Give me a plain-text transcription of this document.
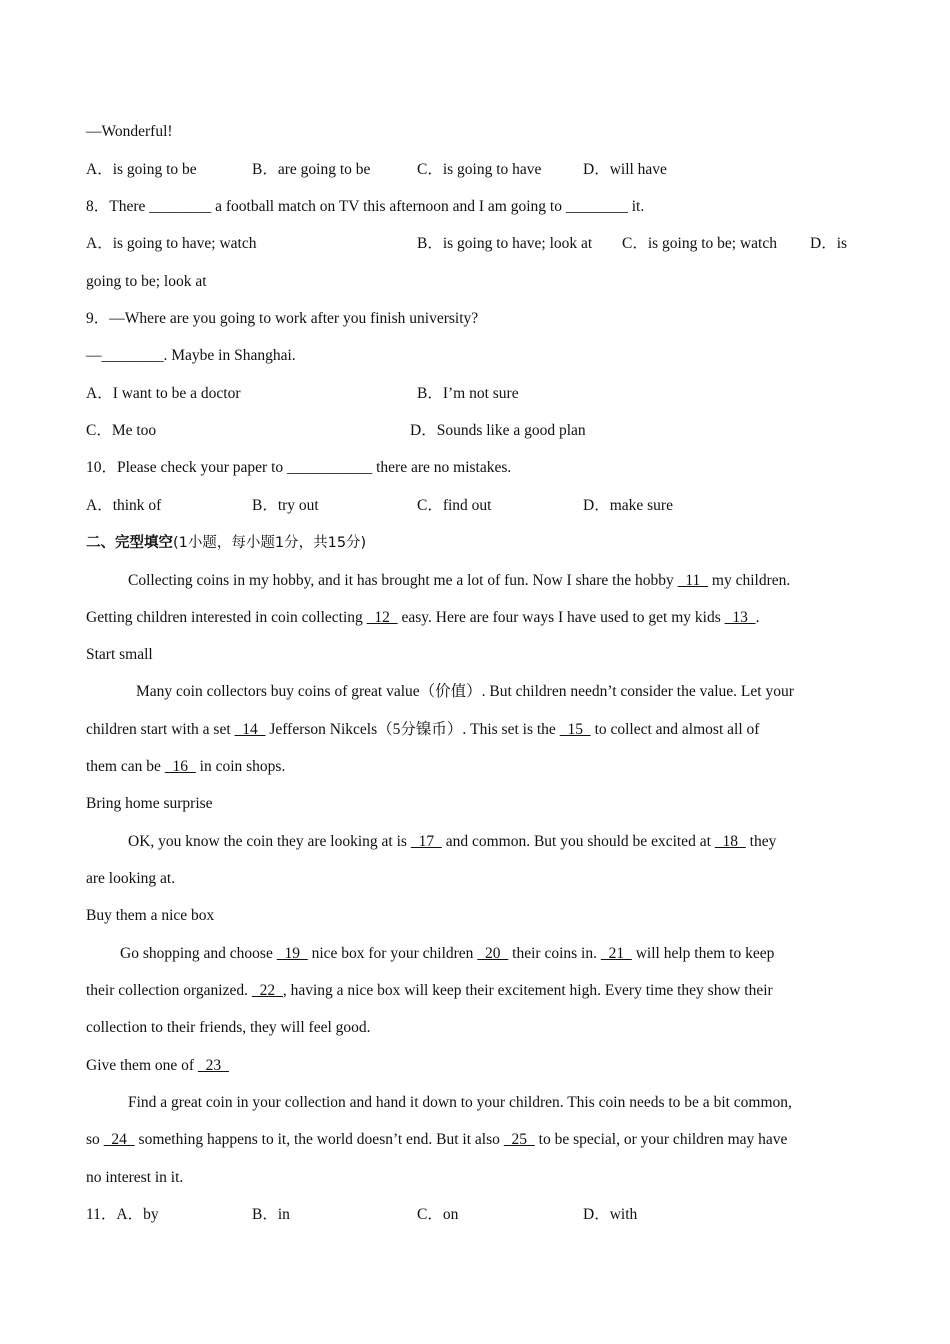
—Wonderful!
A．is going to be	B．are going to be	C．is going to have	D．will have
8．There ________ a football match on TV this afternoon and I am going to ________ it.
A．is going to have; watch	B．is going to have; look at C．is going to be; watch D．is
going to be; look at
9．—Where are you going to work after you finish university?
—________. Maybe in Shanghai.
A．I want to be a doctor	B．I’m not sure
C．Me too	D．Sounds like a good plan
10．Please check your paper to ___________ there are no mistakes.
A．think of	B．try out	C．find out	D．make sure
二、完型填空(1小题，每小题1分，共15分)
Collecting coins in my hobby, and it has brought me a lot of fun. Now I share the hobby   11   my children.
Getting children interested in coin collecting   12   easy. Here are four ways I have used to get my kids   13  .
Start small
Many coin collectors buy coins of great value（价值）. But children needn’t consider the value. Let your
children start with a set   14   Jefferson Nikcels（5分镍币）. This set is the   15   to collect and almost all of
them can be   16   in coin shops.
Bring home surprise
OK, you know the coin they are looking at is   17   and common. But you should be excited at   18   they
are looking at.
Buy them a nice box
Go shopping and choose   19   nice box for your children   20   their coins in.   21   will help them to keep
their collection organized.   22  , having a nice box will keep their excitement high. Every time they show their
collection to their friends, they will feel good.
Give them one of   23
Find a great coin in your collection and hand it down to your children. This coin needs to be a bit common,
so   24   something happens to it, the world doesn’t end. But it also   25   to be special, or your children may have
no interest in it.
11．A．by	B．in	C．on	D．with
